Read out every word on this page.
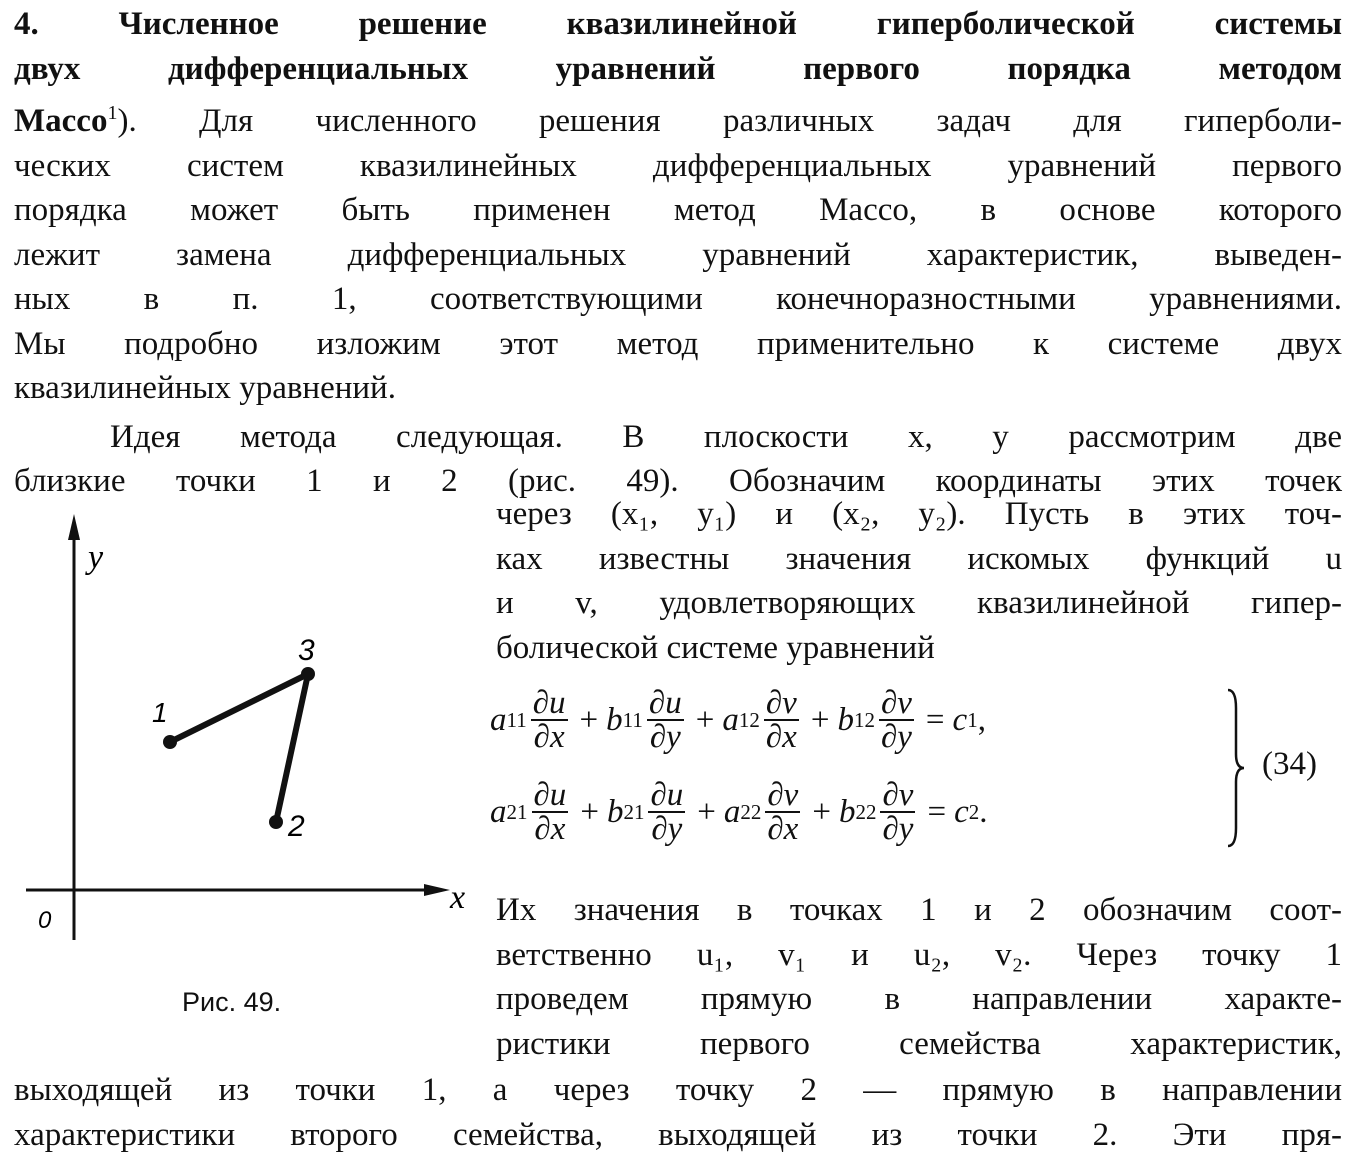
4. Численное решение квазилинейной гиперболической системы
двух дифференциальных уравнений первого порядка методом
Массо$^1$). Для численного решения различных задач для гиперболи-
ческих систем квазилинейных дифференциальных уравнений первого
порядка может быть применен метод Массо, в основе которого
лежит замена дифференциальных уравнений характеристик, выведен-
ных в п. 1, соответствующими конечноразностными уравнениями.
Мы подробно изложим этот метод применительно к системе двух
квазилинейных уравнений.
Идея метода следующая. В плоскости x, y рассмотрим две
близкие точки 1 и 2 (рис. 49). Обозначим координаты этих точек
через (x₁, y₁) и (x₂, y₂). Пусть в этих точ-
ках известны значения искомых функций u
и v, удовлетворяющих квазилинейной гипер-
болической системе уравнений
a $11 \frac{\partial u}{\partial x} + b$ $11 \frac{\partial u}{\partial y} + a$ $12 \frac{\partial v}{\partial x} + b$ $12 \frac{\partial v}{\partial y} = c$ 1 ,
a $21 \frac{\partial u}{\partial x} + b$ $21 \frac{\partial u}{\partial y} + a$ $22 \frac{\partial v}{\partial x} + b$ $22 \frac{\partial v}{\partial y} = c$ 2 .
(34)
Их значения в точках 1 и 2 обозначим соот-
ветственно u₁, v₁ и u₂, v₂. Через точку 1
проведем прямую в направлении характе-
ристики первого семейства характеристик,
y
x
0
1
3
2
Рис. 49.
выходящей из точки 1, а через точку 2 — прямую в направлении
характеристики второго семейства, выходящей из точки 2. Эти пря-
